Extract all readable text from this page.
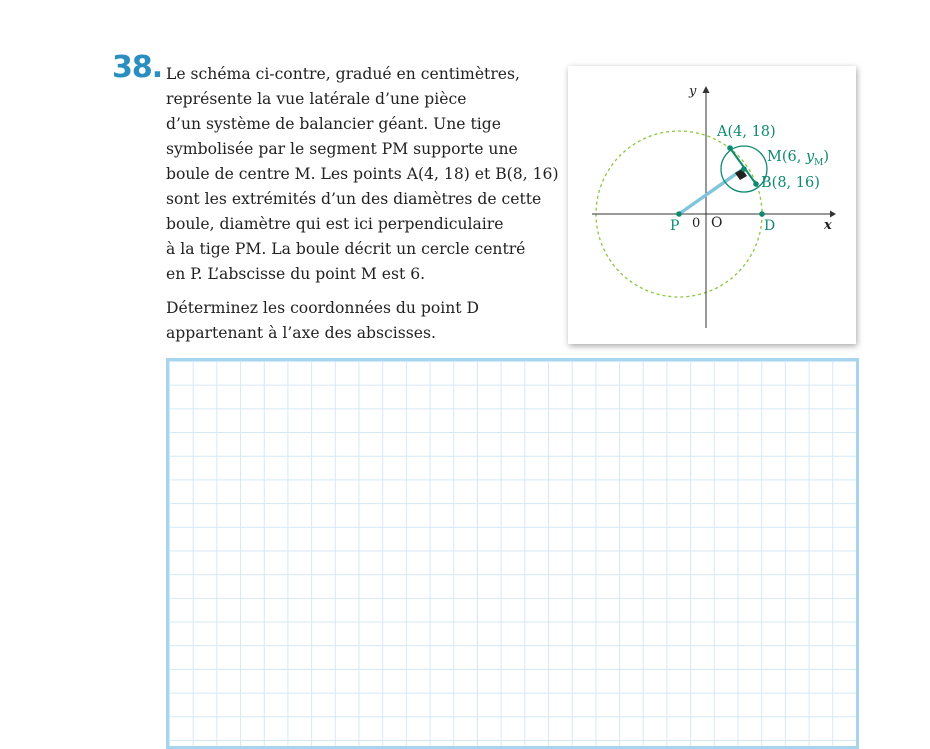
38. Le schéma ci-contre, gradué en centimètres,
représente la vue latérale d’une pièce
d’un système de balancier géant. Une tige
symbolisée par le segment PM supporte une
boule de centre M. Les points A(4, 18) et B(8, 16)
sont les extrémités d’un des diamètres de cette
boule, diamètre qui est ici perpendiculaire
à la tige PM. La boule décrit un cercle centré
en P. L’abscisse du point M est 6.
Déterminez les coordonnées du point D
appartenant à l’axe des abscisses.
y
x
A(4, 18)
M(6, $y_M$)
B(8, 16)
P 0 O	D
